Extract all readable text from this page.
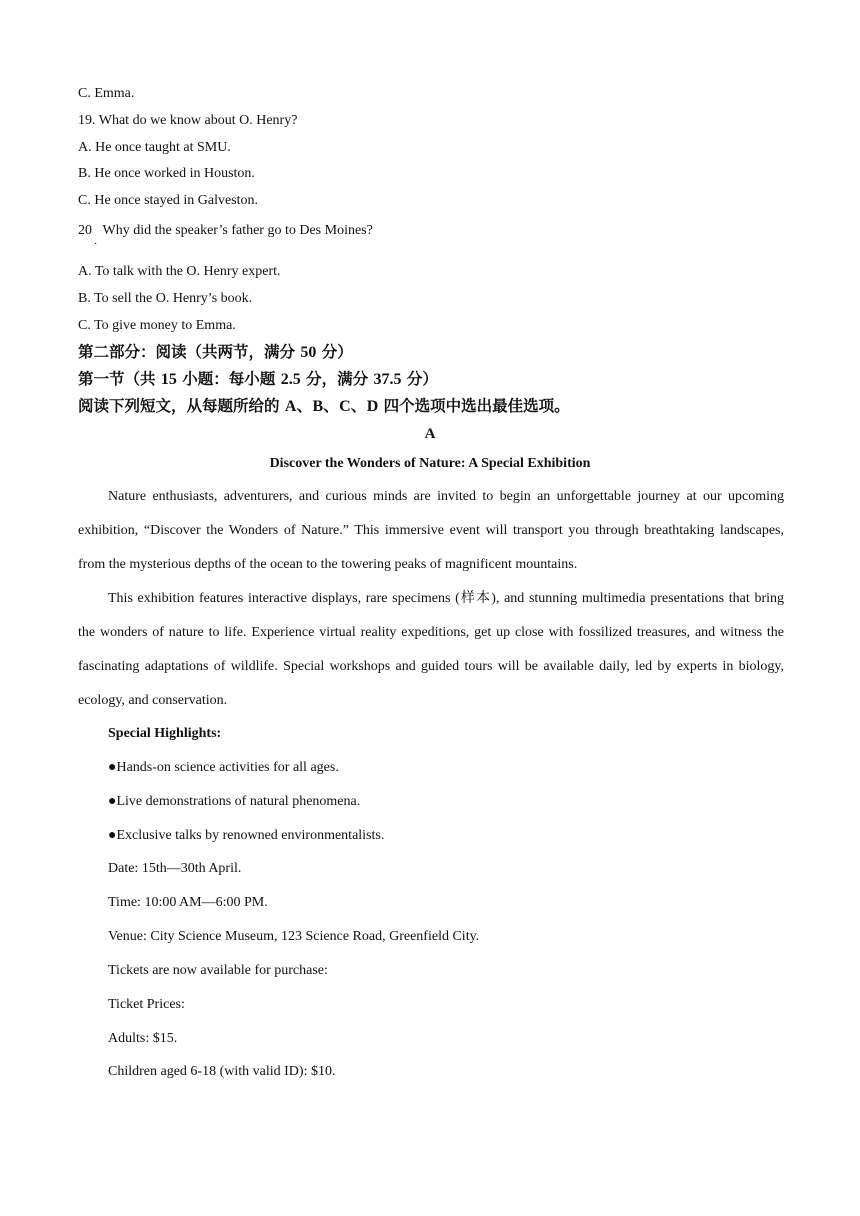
C. Emma.
19. What do we know about O. Henry?
A. He once taught at SMU.
B. He once worked in Houston.
C. He once stayed in Galveston.
20 Why did the speaker’s father go to Des Moines?
·
A. To talk with the O. Henry expert.
B. To sell the O. Henry’s book.
C. To give money to Emma.
第二部分：阅读（共两节，满分 50 分）
第一节（共 15 小题：每小题 2.5 分，满分 37.5 分）
阅读下列短文，从每题所给的 A、B、C、D 四个选项中选出最佳选项。
A
Discover the Wonders of Nature: A Special Exhibition

Nature enthusiasts, adventurers, and curious minds are invited to begin an unforgettable journey at our upcoming exhibition, “Discover the Wonders of Nature.” This immersive event will transport you through breathtaking landscapes, from the mysterious depths of the ocean to the towering peaks of magnificent mountains.

This exhibition features interactive displays, rare specimens (样本), and stunning multimedia presentations that bring the wonders of nature to life. Experience virtual reality expeditions, get up close with fossilized treasures, and witness the fascinating adaptations of wildlife. Special workshops and guided tours will be available daily, led by experts in biology, ecology, and conservation.

Special Highlights:
●Hands-on science activities for all ages.
●Live demonstrations of natural phenomena.
●Exclusive talks by renowned environmentalists.
Date: 15th—30th April.
Time: 10:00 AM—6:00 PM.
Venue: City Science Museum, 123 Science Road, Greenfield City.
Tickets are now available for purchase:
Ticket Prices:
Adults: $15.
Children aged 6-18 (with valid ID): $10.
